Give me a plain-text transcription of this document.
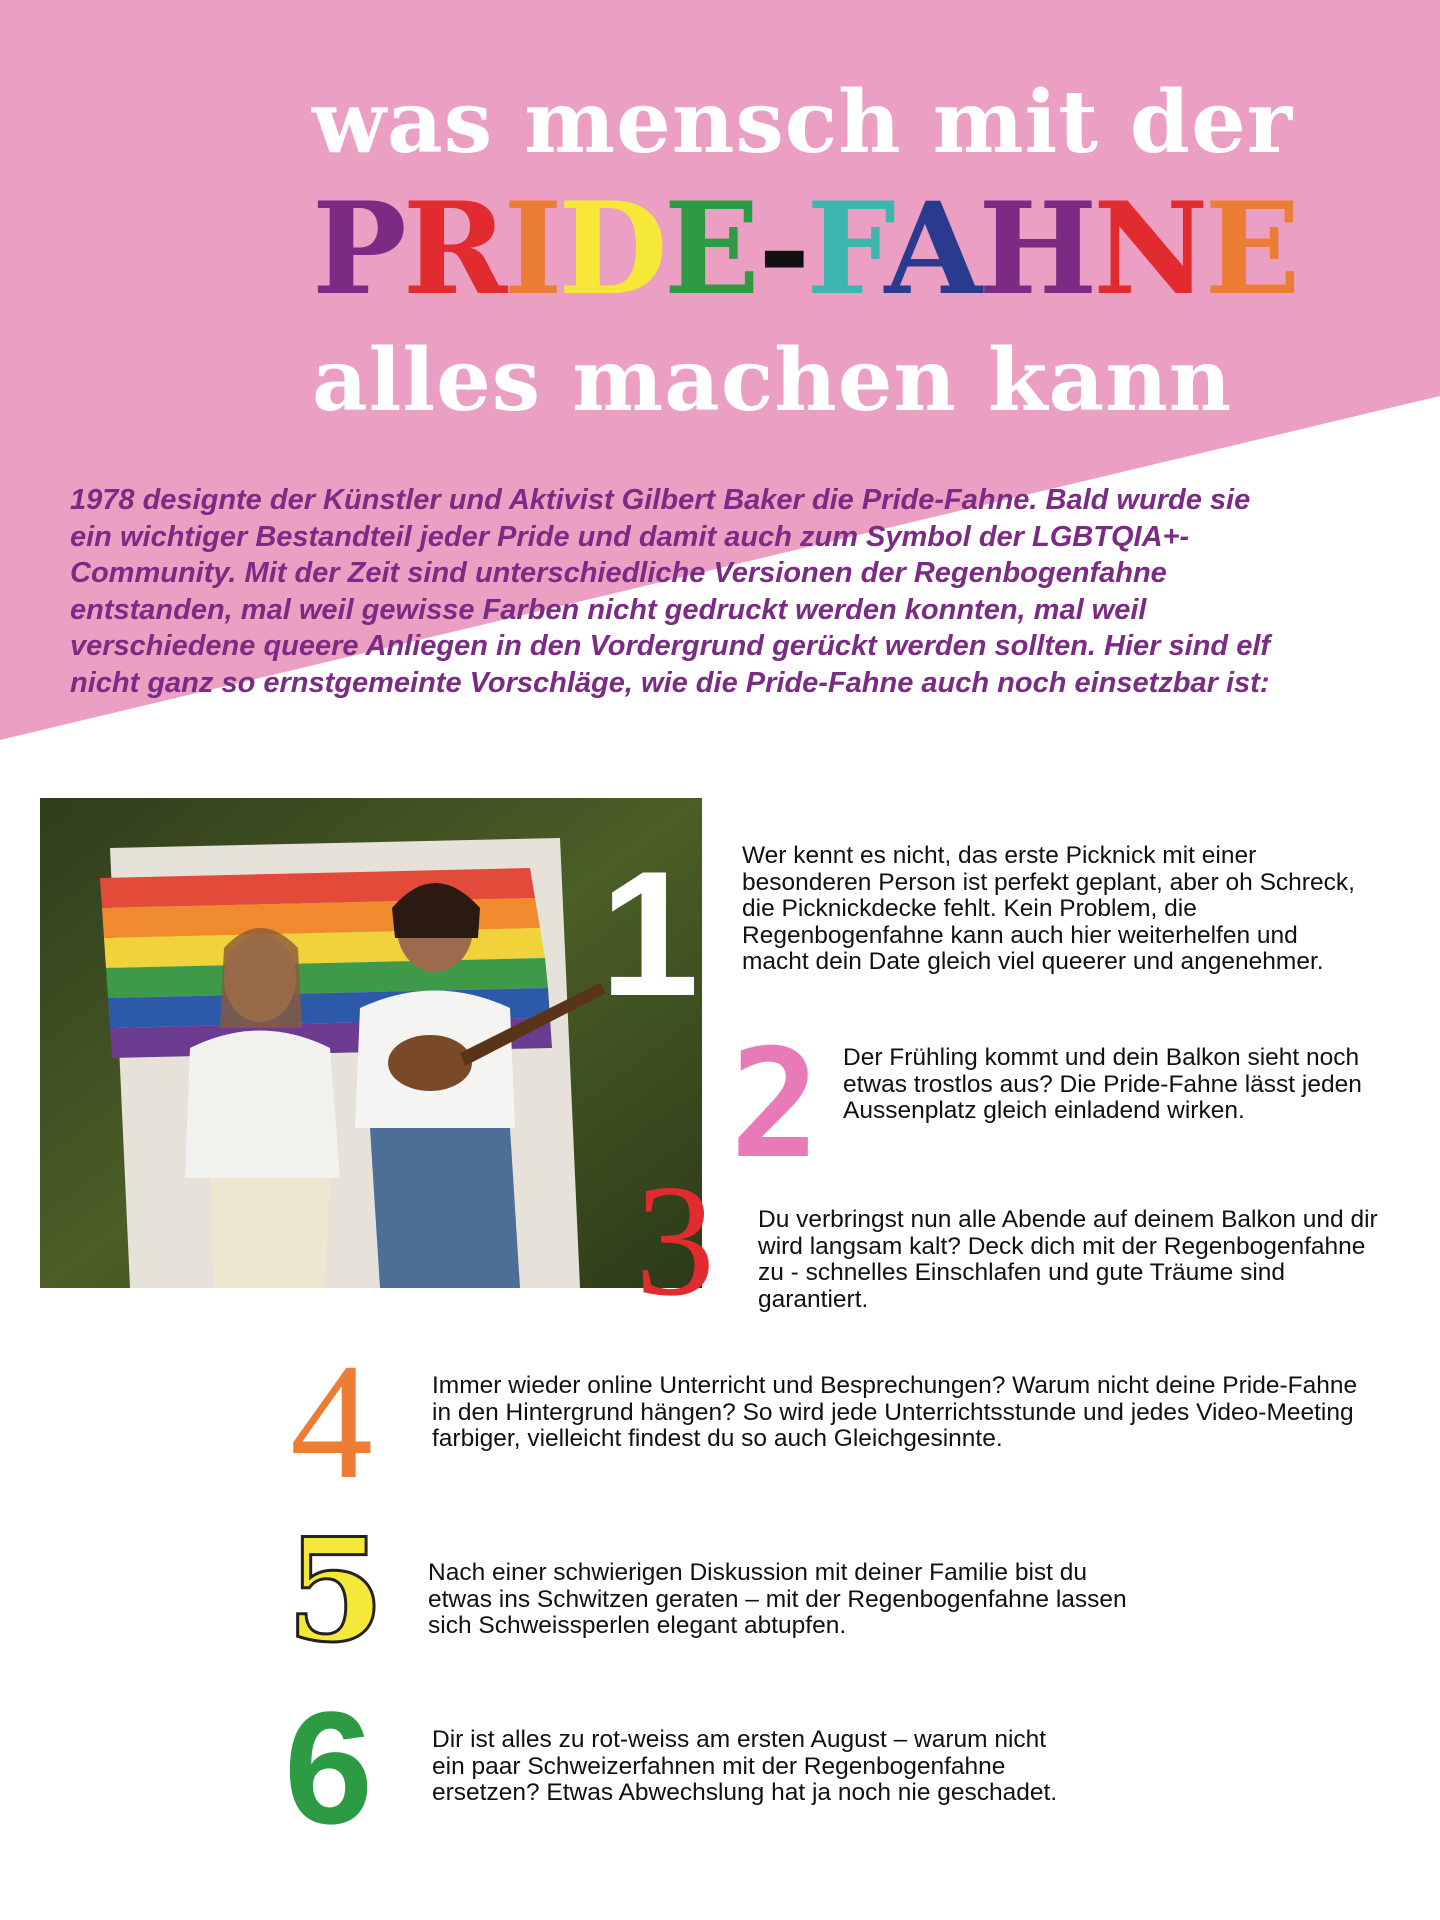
was mensch mit der
PRIDE-FAHNE
alles machen kann

1978 designte der Künstler und Aktivist Gilbert Baker die Pride-Fahne. Bald wurde sie ein wichtiger Bestandteil jeder Pride und damit auch zum Symbol der LGBTQIA+-Community. Mit der Zeit sind unterschiedliche Versionen der Regenbogenfahne entstanden, mal weil gewisse Farben nicht gedruckt werden konnten, mal weil verschiedene queere Anliegen in den Vordergrund gerückt werden sollten. Hier sind elf nicht ganz so ernstgemeinte Vorschläge, wie die Pride-Fahne auch noch einsetzbar ist:

1
2
3
4
5
6

Wer kennt es nicht, das erste Picknick mit einer besonderen Person ist perfekt geplant, aber oh Schreck, die Picknickdecke fehlt. Kein Problem, die Regenbogenfahne kann auch hier weiterhelfen und macht dein Date gleich viel queerer und angenehmer.

Der Frühling kommt und dein Balkon sieht noch etwas trostlos aus? Die Pride-Fahne lässt jeden Aussenplatz gleich einladend wirken.

Du verbringst nun alle Abende auf deinem Balkon und dir wird langsam kalt? Deck dich mit der Regenbogenfahne zu - schnelles Einschlafen und gute Träume sind garantiert.

Immer wieder online Unterricht und Besprechungen? Warum nicht deine Pride-Fahne in den Hintergrund hängen? So wird jede Unterrichtsstunde und jedes Video-Meeting farbiger, vielleicht findest du so auch Gleichgesinnte.

Nach einer schwierigen Diskussion mit deiner Familie bist du etwas ins Schwitzen geraten – mit der Regenbogenfahne lassen sich Schweissperlen elegant abtupfen.

Dir ist alles zu rot-weiss am ersten August – warum nicht ein paar Schweizerfahnen mit der Regenbogenfahne ersetzen? Etwas Abwechslung hat ja noch nie geschadet.
